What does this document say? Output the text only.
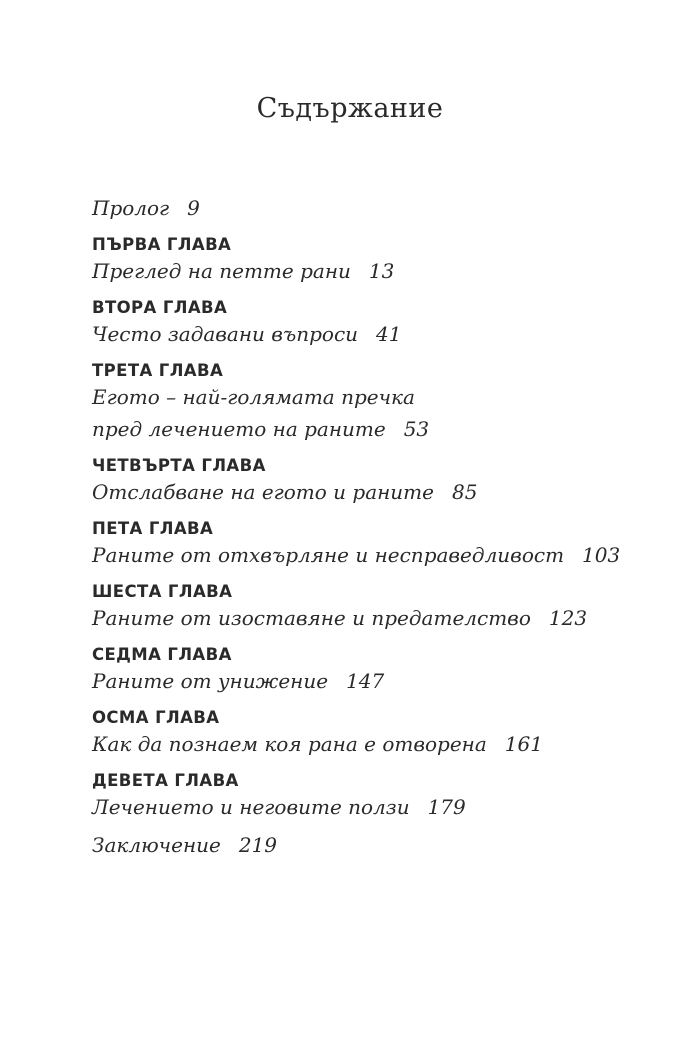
Съдържание
Пролог 9
ПЪРВА ГЛАВА
Преглед на петте рани 13
ВТОРА ГЛАВА
Често задавани въпроси 41
ТРЕТА ГЛАВА
Егото – най-голямата пречка
пред лечението на раните 53
ЧЕТВЪРТА ГЛАВА
Отслабване на егото и раните 85
ПЕТА ГЛАВА
Раните от отхвърляне и несправедливост 103
ШЕСТА ГЛАВА
Раните от изоставяне и предателство 123
СЕДМА ГЛАВА
Раните от унижение 147
ОСМА ГЛАВА
Как да познаем коя рана е отворена 161
ДЕВЕТА ГЛАВА
Лечението и неговите ползи 179
Заключение 219
